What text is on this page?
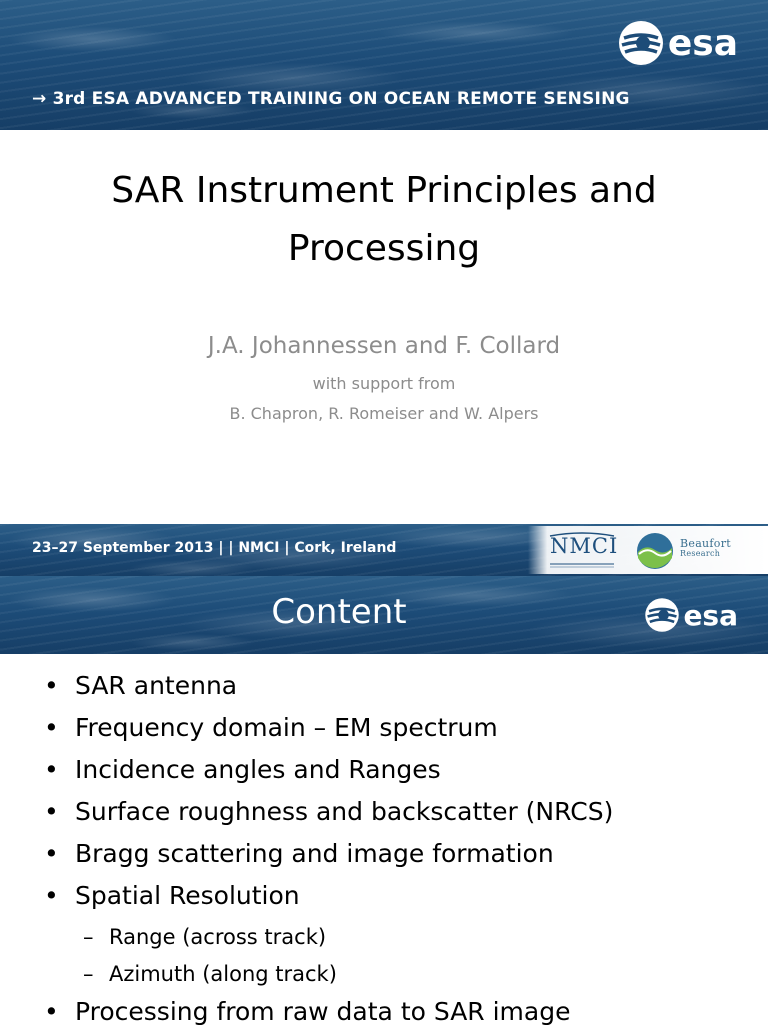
esa
→ 3rd ESA ADVANCED TRAINING ON OCEAN REMOTE SENSING
SAR Instrument Principles and
Processing
J.A. Johannessen and F. Collard
with support from
B. Chapron, R. Romeiser and W. Alpers
23–27 September 2013 | | NMCI | Cork, Ireland	NMCI	Beaufort
Research
Content	esa
• SAR antenna
• Frequency domain – EM spectrum
• Incidence angles and Ranges
• Surface roughness and backscatter (NRCS)
• Bragg scattering and image formation
• Spatial Resolution
– Range (across track)
– Azimuth (along track)
• Processing from raw data to SAR image
